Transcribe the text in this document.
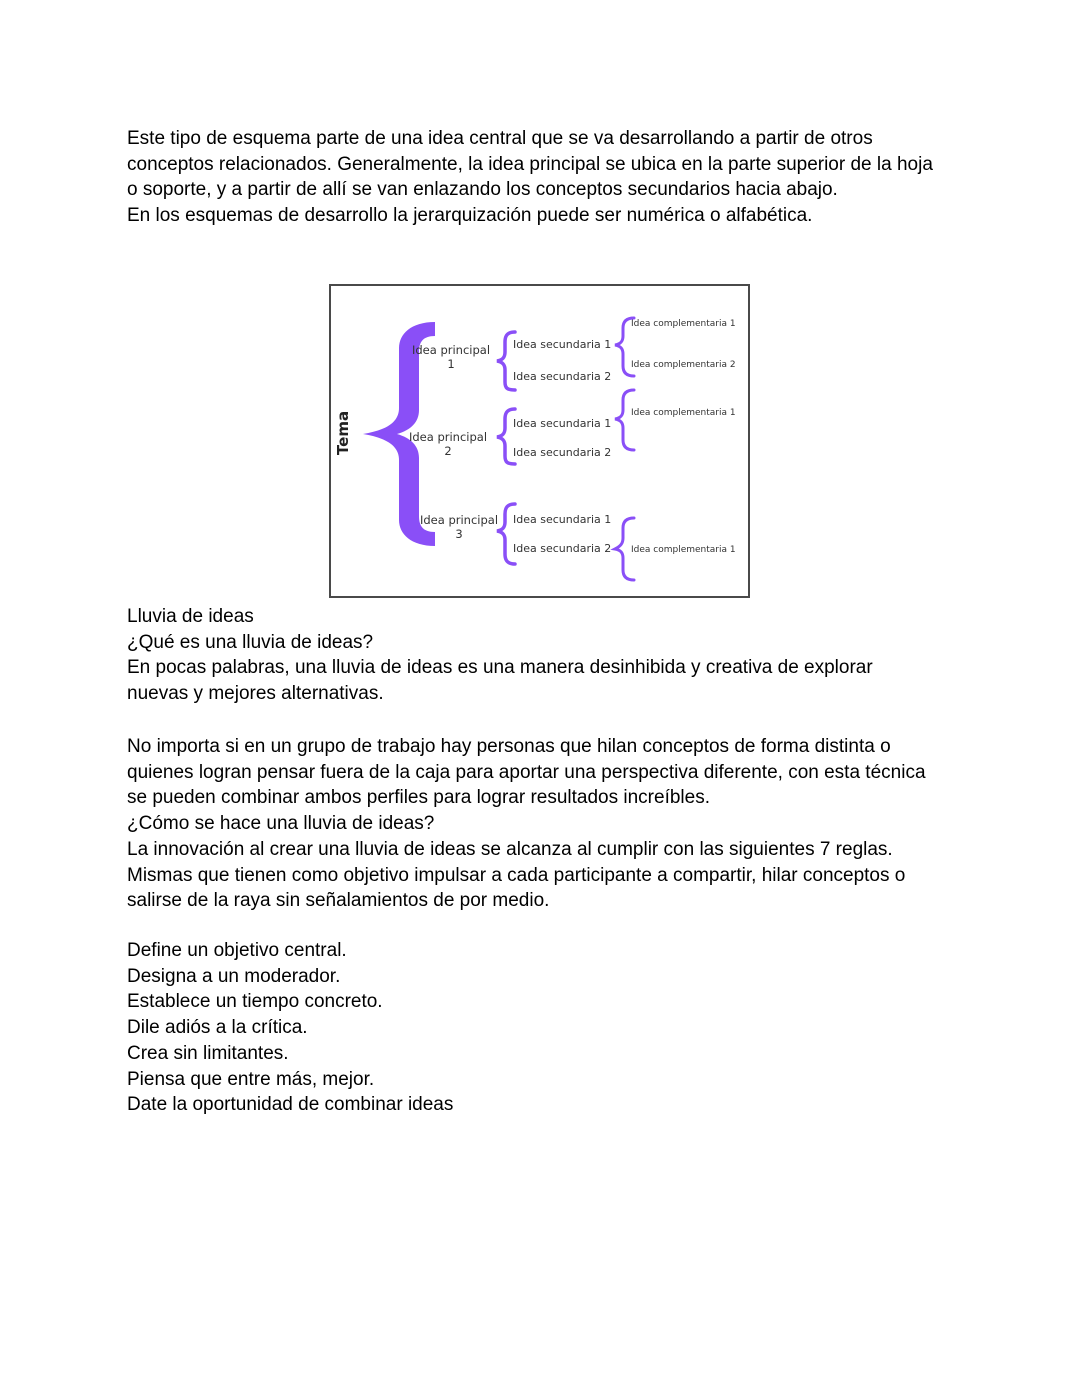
Este tipo de esquema parte de una idea central que se va desarrollando a partir de otros
conceptos relacionados. Generalmente, la idea principal se ubica en la parte superior de la hoja
o soporte, y a partir de allí se van enlazando los conceptos secundarios hacia abajo.
En los esquemas de desarrollo la jerarquización puede ser numérica o alfabética.
Tema
Idea principal
1
Idea principal
2
Idea principal
3
Idea secundaria 1
Idea secundaria 2
Idea secundaria 1
Idea secundaria 2
Idea secundaria 1
Idea secundaria 2
Idea complementaria 1
Idea complementaria 2
Idea complementaria 1
Idea complementaria 1
Lluvia de ideas
¿Qué es una lluvia de ideas?
En pocas palabras, una lluvia de ideas es una manera desinhibida y creativa de explorar
nuevas y mejores alternativas.
No importa si en un grupo de trabajo hay personas que hilan conceptos de forma distinta o
quienes logran pensar fuera de la caja para aportar una perspectiva diferente, con esta técnica
se pueden combinar ambos perfiles para lograr resultados increíbles.
¿Cómo se hace una lluvia de ideas?
La innovación al crear una lluvia de ideas se alcanza al cumplir con las siguientes 7 reglas.
Mismas que tienen como objetivo impulsar a cada participante a compartir, hilar conceptos o
salirse de la raya sin señalamientos de por medio.
Define un objetivo central.
Designa a un moderador.
Establece un tiempo concreto.
Dile adiós a la crítica.
Crea sin limitantes.
Piensa que entre más, mejor.
Date la oportunidad de combinar ideas
